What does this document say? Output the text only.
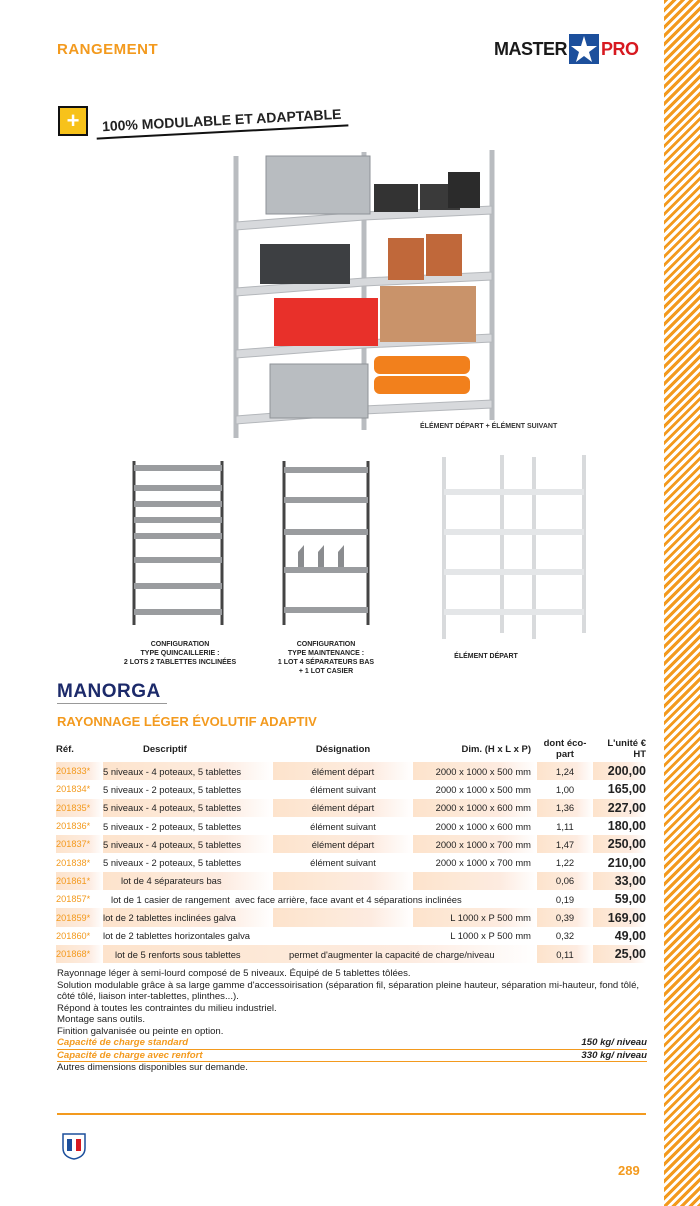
RANGEMENT	MASTER PRO
+	100% MODULABLE ET ADAPTABLE
ÉLÉMENT DÉPART + ÉLÉMENT SUIVANT
CONFIGURATION
TYPE QUINCAILLERIE :
2 LOTS 2 TABLETTES INCLINÉES
CONFIGURATION
TYPE MAINTENANCE :
1 LOT 4 SÉPARATEURS BAS
+ 1 LOT CASIER
ÉLÉMENT DÉPART
MANORGA
RAYONNAGE LÉGER ÉVOLUTIF ADAPTIV
Réf.	Descriptif	Désignation	Dim. (H x L x P)	dont éco-part	L'unité € HT
201833*	5 niveaux - 4 poteaux, 5 tablettes	élément départ	2000 x 1000 x 500 mm	1,24	200,00
201834*	5 niveaux - 2 poteaux, 5 tablettes	élément suivant	2000 x 1000 x 500 mm	1,00	165,00
201835*	5 niveaux - 4 poteaux, 5 tablettes	élément départ	2000 x 1000 x 600 mm	1,36	227,00
201836*	5 niveaux - 2 poteaux, 5 tablettes	élément suivant	2000 x 1000 x 600 mm	1,11	180,00
201837*	5 niveaux - 4 poteaux, 5 tablettes	élément départ	2000 x 1000 x 700 mm	1,47	250,00
201838*	5 niveaux - 2 poteaux, 5 tablettes	élément suivant	2000 x 1000 x 700 mm	1,22	210,00
201861*	lot de 4 séparateurs bas			0,06	33,00
201857*	lot de 1 casier de rangement avec face arrière, face avant et 4 séparations inclinées			0,19	59,00
201859*	lot de 2 tablettes inclinées galva		L 1000 x P 500 mm	0,39	169,00
201860*	lot de 2 tablettes horizontales galva		L 1000 x P 500 mm	0,32	49,00
201868*	lot de 5 renforts sous tablettes permet d'augmenter la capacité de charge/niveau			0,11	25,00
Rayonnage léger à semi-lourd composé de 5 niveaux. Équipé de 5 tablettes tôlées.
Solution modulable grâce à sa large gamme d'accessoirisation (séparation fil, séparation pleine hauteur, séparation mi-hauteur, fond tôlé, côté tôlé, liaison inter-tablettes, plinthes...).
Répond à toutes les contraintes du milieu industriel.
Montage sans outils.
Finition galvanisée ou peinte en option.
Capacité de charge standard	150 kg/ niveau
Capacité de charge avec renfort	330 kg/ niveau
Autres dimensions disponibles sur demande.
289
